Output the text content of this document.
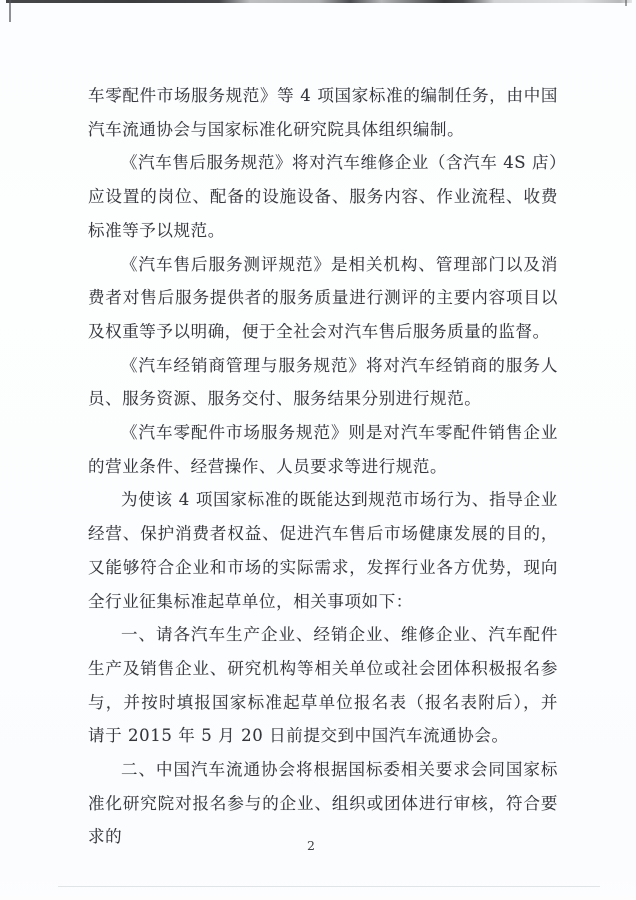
车零配件市场服务规范》等 4 项国家标准的编制任务，由中国汽车流通协会与国家标准化研究院具体组织编制。

《汽车售后服务规范》将对汽车维修企业（含汽车 4S 店）应设置的岗位、配备的设施设备、服务内容、作业流程、收费标准等予以规范。

《汽车售后服务测评规范》是相关机构、管理部门以及消费者对售后服务提供者的服务质量进行测评的主要内容项目以及权重等予以明确，便于全社会对汽车售后服务质量的监督。

《汽车经销商管理与服务规范》将对汽车经销商的服务人员、服务资源、服务交付、服务结果分别进行规范。

《汽车零配件市场服务规范》则是对汽车零配件销售企业的营业条件、经营操作、人员要求等进行规范。

为使该 4 项国家标准的既能达到规范市场行为、指导企业经营、保护消费者权益、促进汽车售后市场健康发展的目的，又能够符合企业和市场的实际需求，发挥行业各方优势，现向全行业征集标准起草单位，相关事项如下：

一、请各汽车生产企业、经销企业、维修企业、汽车配件生产及销售企业、研究机构等相关单位或社会团体积极报名参与，并按时填报国家标准起草单位报名表（报名表附后），并请于 2015 年 5 月 20 日前提交到中国汽车流通协会。

二、中国汽车流通协会将根据国标委相关要求会同国家标准化研究院对报名参与的企业、组织或团体进行审核，符合要求的	2
